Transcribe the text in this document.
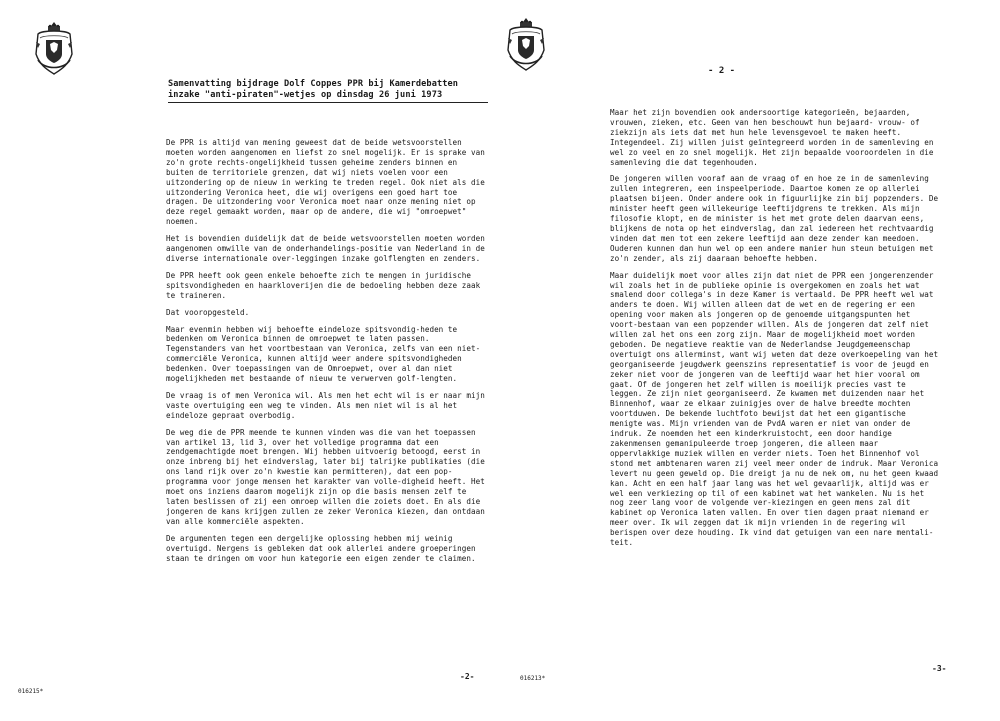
Samenvatting bijdrage Dolf Coppes PPR bij Kamerdebatten
inzake "anti-piraten"-wetjes op dinsdag 26 juni 1973

De PPR is altijd van mening geweest dat de beide wetsvoorstellen moeten worden aangenomen en liefst zo snel mogelijk. Er is sprake van zo'n grote rechts-ongelijkheid tussen geheime zenders binnen en buiten de territoriele grenzen, dat wij niets voelen voor een uitzondering op de nieuw in werking te treden regel. Ook niet als die uitzondering Veronica heet, die wij overigens een goed hart toe dragen. De uitzondering voor Veronica moet naar onze mening niet op deze regel gemaakt worden, maar op de andere, die wij "omroepwet" noemen.

Het is bovendien duidelijk dat de beide wetsvoorstellen moeten worden aangenomen omwille van de onderhandelings-positie van Nederland in de diverse internationale over-leggingen inzake golflengten en zenders.

De PPR heeft ook geen enkele behoefte zich te mengen in juridische spitsvondigheden en haarkloverijen die de bedoeling hebben deze zaak te traineren.

Dat vooropgesteld.

Maar evenmin hebben wij behoefte eindeloze spitsvondig-heden te bedenken om Veronica binnen de omroepwet te laten passen. Tegenstanders van het voortbestaan van Veronica, zelfs van een niet-commerciële Veronica, kunnen altijd weer andere spitsvondigheden bedenken. Over toepassingen van de Omroepwet, over al dan niet mogelijkheden met bestaande of nieuw te verwerven golf-lengten.

De vraag is of men Veronica wil. Als men het echt wil is er naar mijn vaste overtuiging een weg te vinden. Als men niet wil is al het eindeloze gepraat overbodig.

De weg die de PPR meende te kunnen vinden was die van het toepassen van artikel 13, lid 3, over het volledige programma dat een zendgemachtigde moet brengen. Wij hebben uitvoerig betoogd, eerst in onze inbreng bij het eindverslag, later bij talrijke publikaties (die ons land rijk over zo'n kwestie kan permitteren), dat een pop-programma voor jonge mensen het karakter van volle-digheid heeft. Het moet ons inziens daarom mogelijk zijn op die basis mensen zelf te laten beslissen of zij een omroep willen die zoiets doet. En als die jongeren de kans krijgen zullen ze zeker Veronica kiezen, dan ontdaan van alle kommerciële aspekten.

De argumenten tegen een dergelijke oplossing hebben mij weinig overtuigd. Nergens is gebleken dat ook allerlei andere groeperingen staan te dringen om voor hun kategorie een eigen zender te claimen.

-2-
016215*
- 2 -

Maar het zijn bovendien ook andersoortige kategorieën, bejaarden, vrouwen, zieken, etc. Geen van hen beschouwt hun bejaard- vrouw- of ziekzijn als iets dat met hun hele levensgevoel te maken heeft. Integendeel. Zij willen juist geïntegreerd worden in de samenleving en wel zo veel en zo snel mogelijk. Het zijn bepaalde vooroordelen in die samenleving die dat tegenhouden.

De jongeren willen vooraf aan de vraag of en hoe ze in de samenleving zullen integreren, een inspeelperiode. Daartoe komen ze op allerlei plaatsen bijeen. Onder andere ook in figuurlijke zin bij popzenders. De minister heeft geen willekeurige leeftijdgrens te trekken. Als mijn filosofie klopt, en de minister is het met grote delen daarvan eens, blijkens de nota op het eindverslag, dan zal iedereen het rechtvaardig vinden dat men tot een zekere leeftijd aan deze zender kan meedoen. Ouderen kunnen dan hun wel op een andere manier hun steun betuigen met zo'n zender, als zij daaraan behoefte hebben.

Maar duidelijk moet voor alles zijn dat niet de PPR een jongerenzender wil zoals het in de publieke opinie is overgekomen en zoals het wat smalend door collega's in deze Kamer is vertaald. De PPR heeft wel wat anders te doen. Wij willen alleen dat de wet en de regering er een opening voor maken als jongeren op de genoemde uitgangspunten het voort-bestaan van een popzender willen. Als de jongeren dat zelf niet willen zal het ons een zorg zijn. Maar de mogelijkheid moet worden geboden. De negatieve reaktie van de Nederlandse Jeugdgemeenschap overtuigt ons allerminst, want wij weten dat deze overkoepeling van het georganiseerde jeugdwerk geenszins representatief is voor de jeugd en zeker niet voor de jongeren van de leeftijd waar het hier vooral om gaat. Of de jongeren het zelf willen is moeilijk precies vast te leggen. Ze zijn niet georganiseerd. Ze kwamen met duizenden naar het Binnenhof, waar ze elkaar zuinigjes over de halve breedte mochten voortduwen. De bekende luchtfoto bewijst dat het een gigantische menigte was. Mijn vrienden van de PvdA waren er niet van onder de indruk. Ze noemden het een kinderkruistocht, een door handige zakenmensen gemanipuleerde troep jongeren, die alleen maar oppervlakkige muziek willen en verder niets. Toen het Binnenhof vol stond met ambtenaren waren zij veel meer onder de indruk. Maar Veronica levert nu geen geweld op. Die dreigt ja nu de nek om, nu het geen kwaad kan. Acht en een half jaar lang was het wel gevaarlijk, altijd was er wel een verkiezing op til of een kabinet wat het wankelen. Nu is het nog zeer lang voor de volgende ver-kiezingen en geen mens zal dit kabinet op Veronica laten vallen. En over tien dagen praat niemand er meer over. Ik wil zeggen dat ik mijn vrienden in de regering wil berispen over deze houding. Ik vind dat getuigen van een nare mentali-teit.

-3-
016213*
